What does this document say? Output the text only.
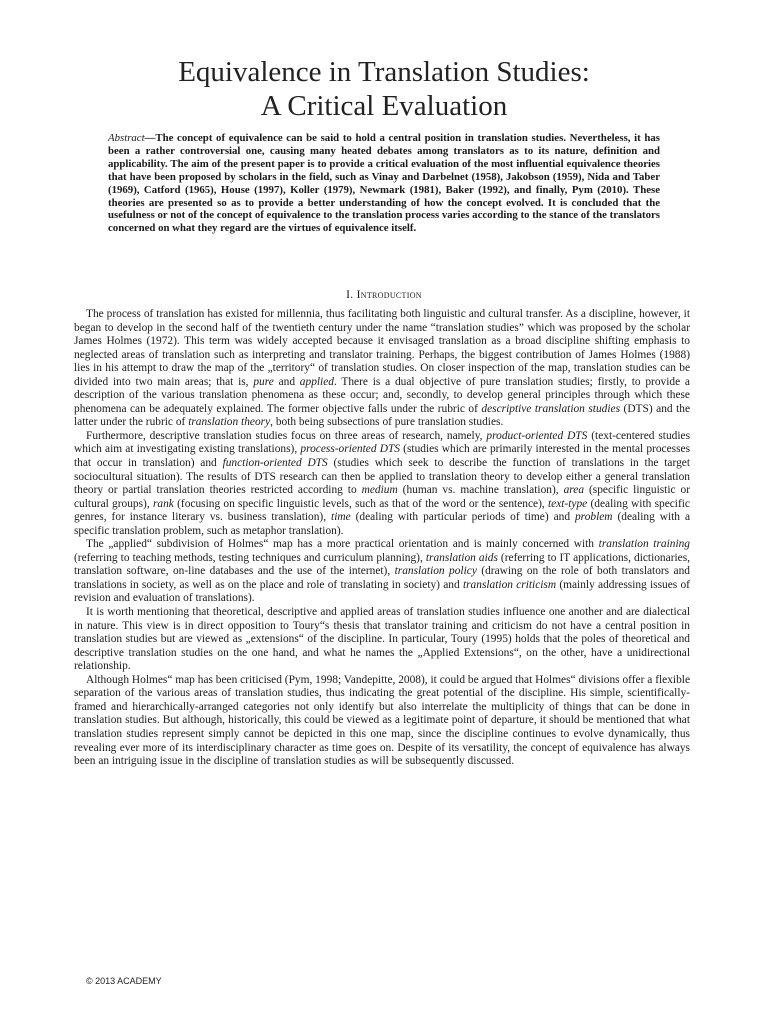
Equivalence in Translation Studies:
A Critical Evaluation
Abstract—The concept of equivalence can be said to hold a central position in translation studies. Nevertheless, it has been a rather controversial one, causing many heated debates among translators as to its nature, definition and applicability. The aim of the present paper is to provide a critical evaluation of the most influential equivalence theories that have been proposed by scholars in the field, such as Vinay and Darbelnet (1958), Jakobson (1959), Nida and Taber (1969), Catford (1965), House (1997), Koller (1979), Newmark (1981), Baker (1992), and finally, Pym (2010). These theories are presented so as to provide a better understanding of how the concept evolved. It is concluded that the usefulness or not of the concept of equivalence to the translation process varies according to the stance of the translators concerned on what they regard are the virtues of equivalence itself.
I. Introduction

The process of translation has existed for millennia, thus facilitating both linguistic and cultural transfer. As a discipline, however, it began to develop in the second half of the twentieth century under the name “translation studies” which was proposed by the scholar James Holmes (1972). This term was widely accepted because it envisaged translation as a broad discipline shifting emphasis to neglected areas of translation such as interpreting and translator training. Perhaps, the biggest contribution of James Holmes (1988) lies in his attempt to draw the map of the „territory“ of translation studies. On closer inspection of the map, translation studies can be divided into two main areas; that is, pure and applied. There is a dual objective of pure translation studies; firstly, to provide a description of the various translation phenomena as these occur; and, secondly, to develop general principles through which these phenomena can be adequately explained. The former objective falls under the rubric of descriptive translation studies (DTS) and the latter under the rubric of translation theory, both being subsections of pure translation studies.

Furthermore, descriptive translation studies focus on three areas of research, namely, product-oriented DTS (text-centered studies which aim at investigating existing translations), process-oriented DTS (studies which are primarily interested in the mental processes that occur in translation) and function-oriented DTS (studies which seek to describe the function of translations in the target sociocultural situation). The results of DTS research can then be applied to translation theory to develop either a general translation theory or partial translation theories restricted according to medium (human vs. machine translation), area (specific linguistic or cultural groups), rank (focusing on specific linguistic levels, such as that of the word or the sentence), text-type (dealing with specific genres, for instance literary vs. business translation), time (dealing with particular periods of time) and problem (dealing with a specific translation problem, such as metaphor translation).

The „applied“ subdivision of Holmes“ map has a more practical orientation and is mainly concerned with translation training (referring to teaching methods, testing techniques and curriculum planning), translation aids (referring to IT applications, dictionaries, translation software, on-line databases and the use of the internet), translation policy (drawing on the role of both translators and translations in society, as well as on the place and role of translating in society) and translation criticism (mainly addressing issues of revision and evaluation of translations).

It is worth mentioning that theoretical, descriptive and applied areas of translation studies influence one another and are dialectical in nature. This view is in direct opposition to Toury“s thesis that translator training and criticism do not have a central position in translation studies but are viewed as „extensions“ of the discipline. In particular, Toury (1995) holds that the poles of theoretical and descriptive translation studies on the one hand, and what he names the „Applied Extensions“, on the other, have a unidirectional relationship.

Although Holmes“ map has been criticised (Pym, 1998; Vandepitte, 2008), it could be argued that Holmes“ divisions offer a flexible separation of the various areas of translation studies, thus indicating the great potential of the discipline. His simple, scientifically-framed and hierarchically-arranged categories not only identify but also interrelate the multiplicity of things that can be done in translation studies. But although, historically, this could be viewed as a legitimate point of departure, it should be mentioned that what translation studies represent simply cannot be depicted in this one map, since the discipline continues to evolve dynamically, thus revealing ever more of its interdisciplinary character as time goes on. Despite of its versatility, the concept of equivalence has always been an intriguing issue in the discipline of translation studies as will be subsequently discussed.

© 2013 ACADEMY
